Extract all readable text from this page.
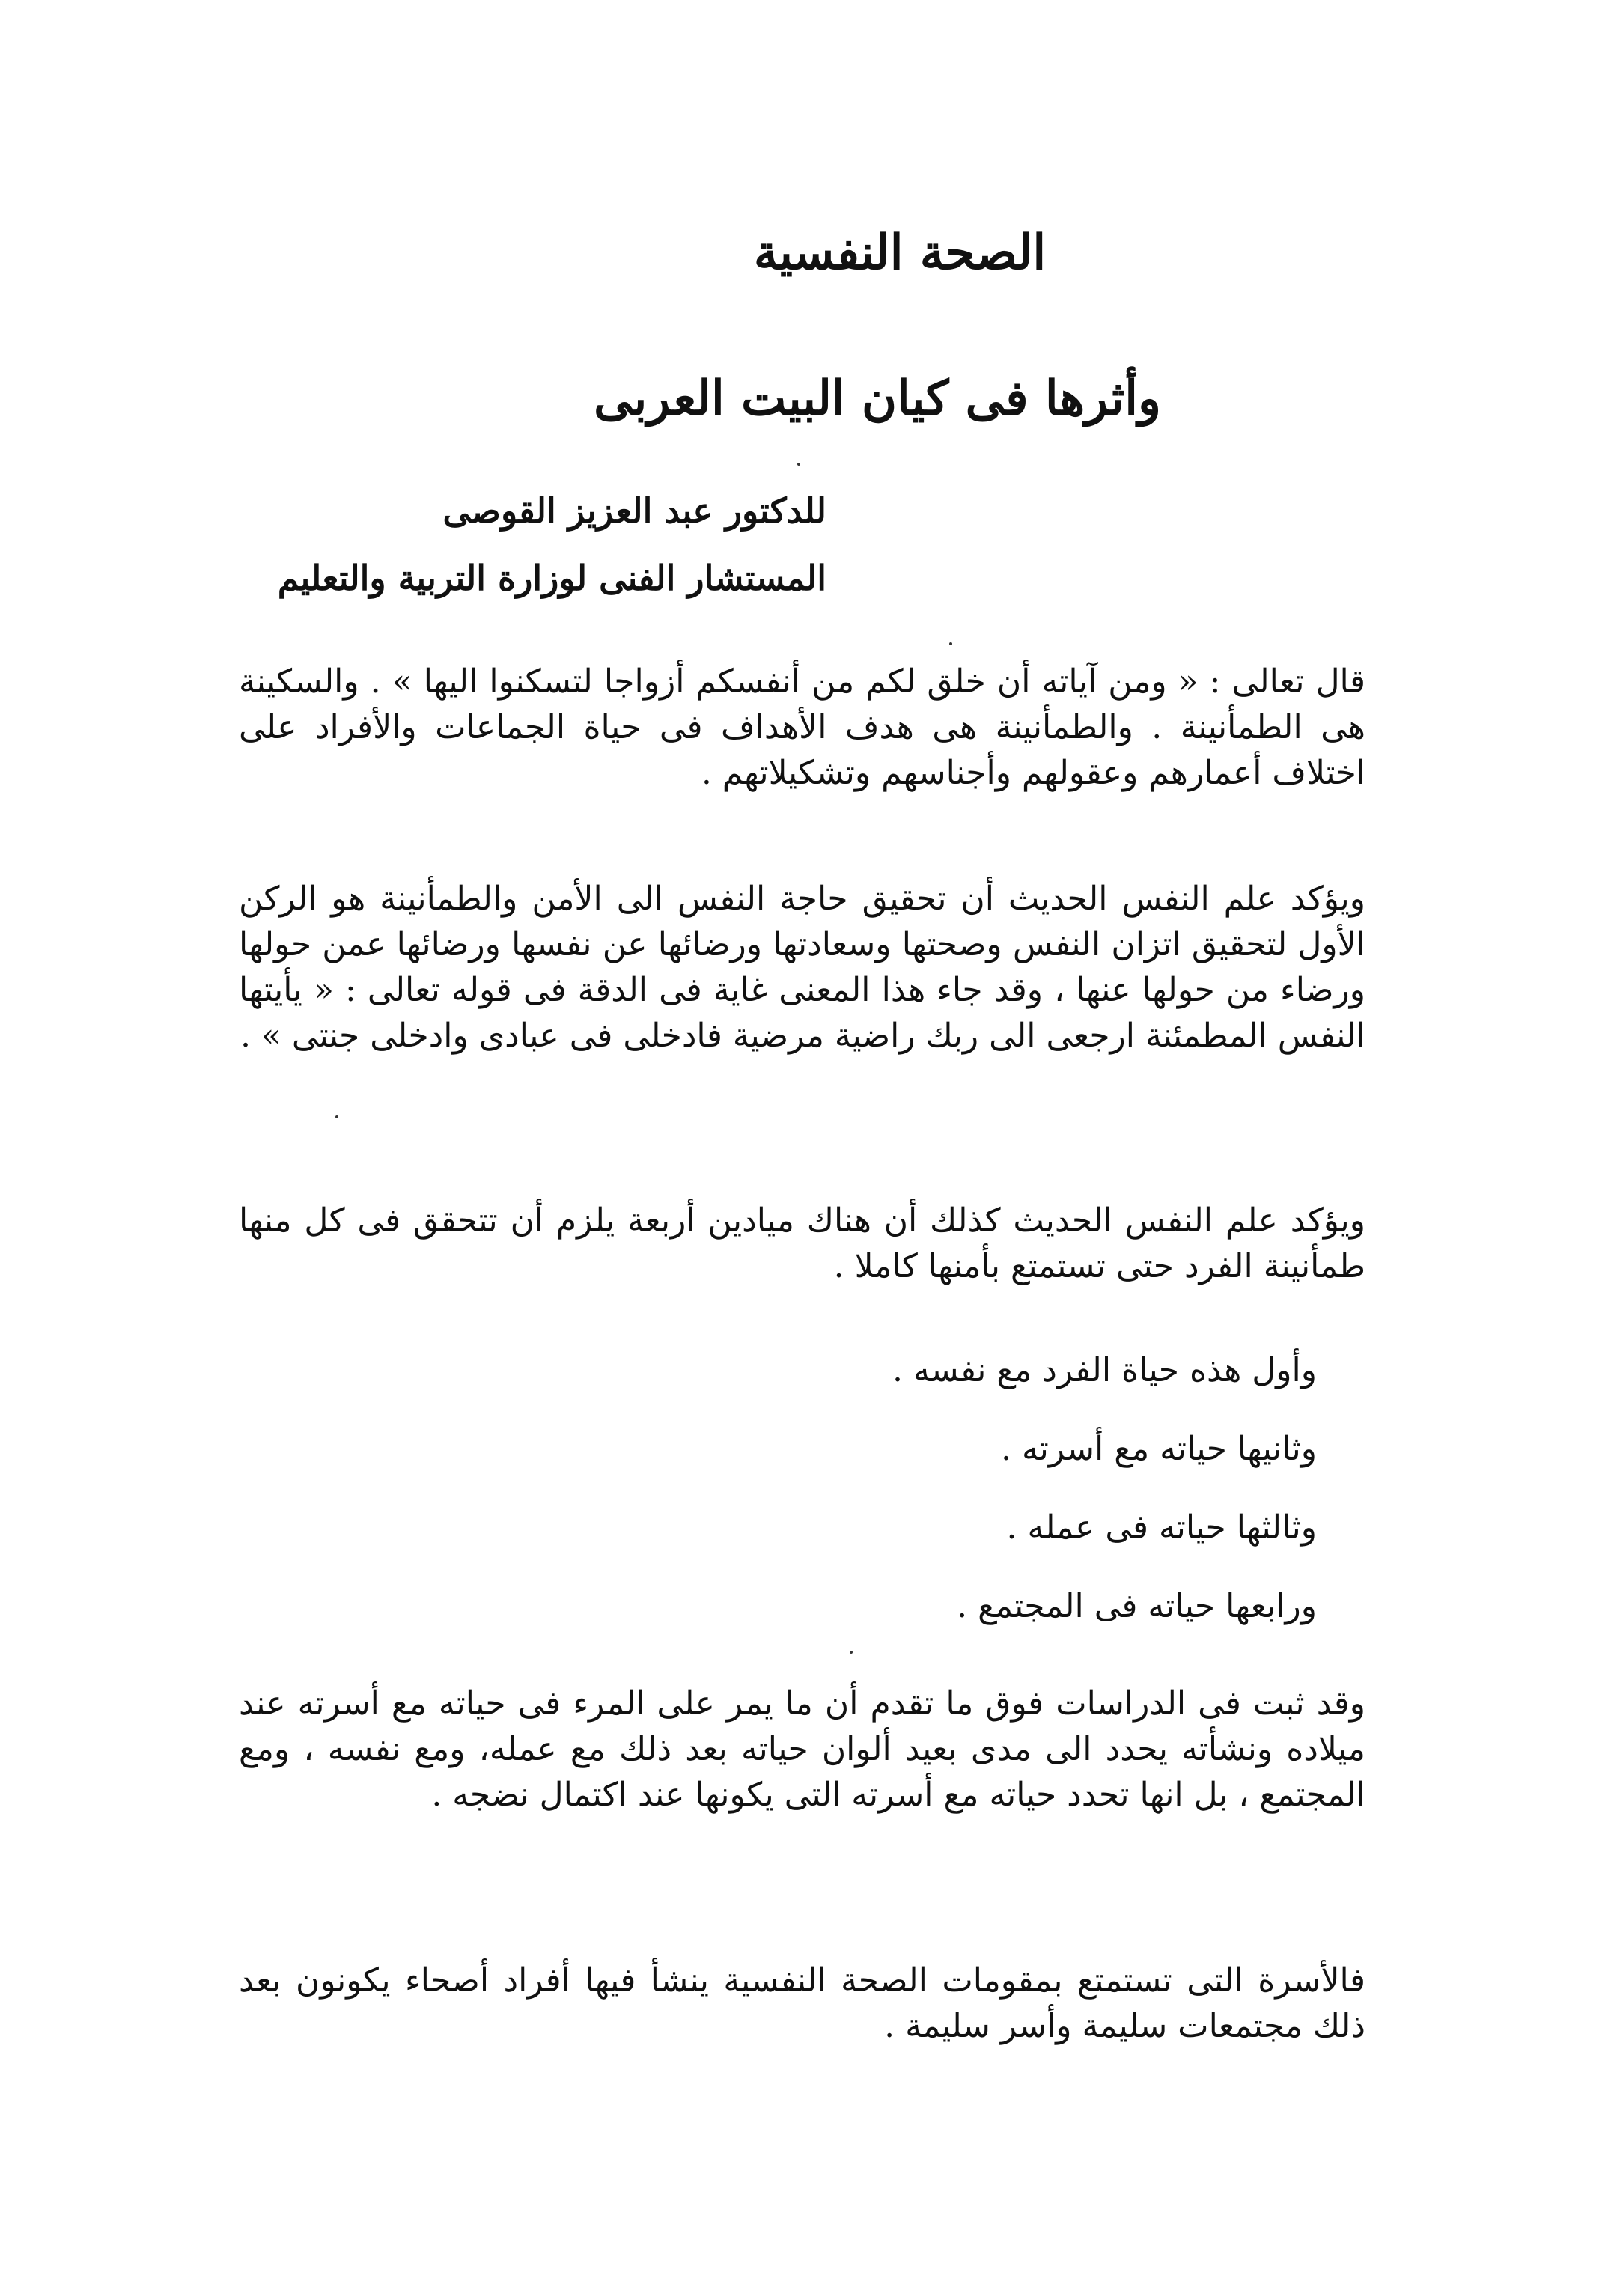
الصحة النفسية
وأثرها فى كيان البيت العربى

للدكتور عبد العزيز القوصى

المستشار الفنى لوزارة التربية والتعليم

قال تعالى : « ومن آياته أن خلق لكم من أنفسكم أزواجا لتسكنوا اليها » . والسكينة هى الطمأنينة . والطمأنينة هى هدف الأهداف فى حياة الجماعات والأفراد على اختلاف أعمارهم وعقولهم وأجناسهم وتشكيلاتهم .

ويؤكد علم النفس الحديث أن تحقيق حاجة النفس الى الأمن والطمأنينة هو الركن الأول لتحقيق اتزان النفس وصحتها وسعادتها ورضائها عن نفسها ورضائها عمن حولها ورضاء من حولها عنها ، وقد جاء هذا المعنى غاية فى الدقة فى قوله تعالى : « يأيتها النفس المطمئنة ارجعى الى ربك راضية مرضية فادخلى فى عبادى وادخلى جنتى » .

ويؤكد علم النفس الحديث كذلك أن هناك ميادين أربعة يلزم أن تتحقق فى كل منها طمأنينة الفرد حتى تستمتع بأمنها كاملا .

وأول هذه حياة الفرد مع نفسه .
وثانيها حياته مع أسرته .
وثالثها حياته فى عمله .
ورابعها حياته فى المجتمع .

وقد ثبت فى الدراسات فوق ما تقدم أن ما يمر على المرء فى حياته مع أسرته عند ميلاده ونشأته يحدد الى مدى بعيد ألوان حياته بعد ذلك مع عمله، ومع نفسه ، ومع المجتمع ، بل انها تحدد حياته مع أسرته التى يكونها عند اكتمال نضجه .

فالأسرة التى تستمتع بمقومات الصحة النفسية ينشأ فيها أفراد أصحاء يكونون بعد ذلك مجتمعات سليمة وأسر سليمة .
